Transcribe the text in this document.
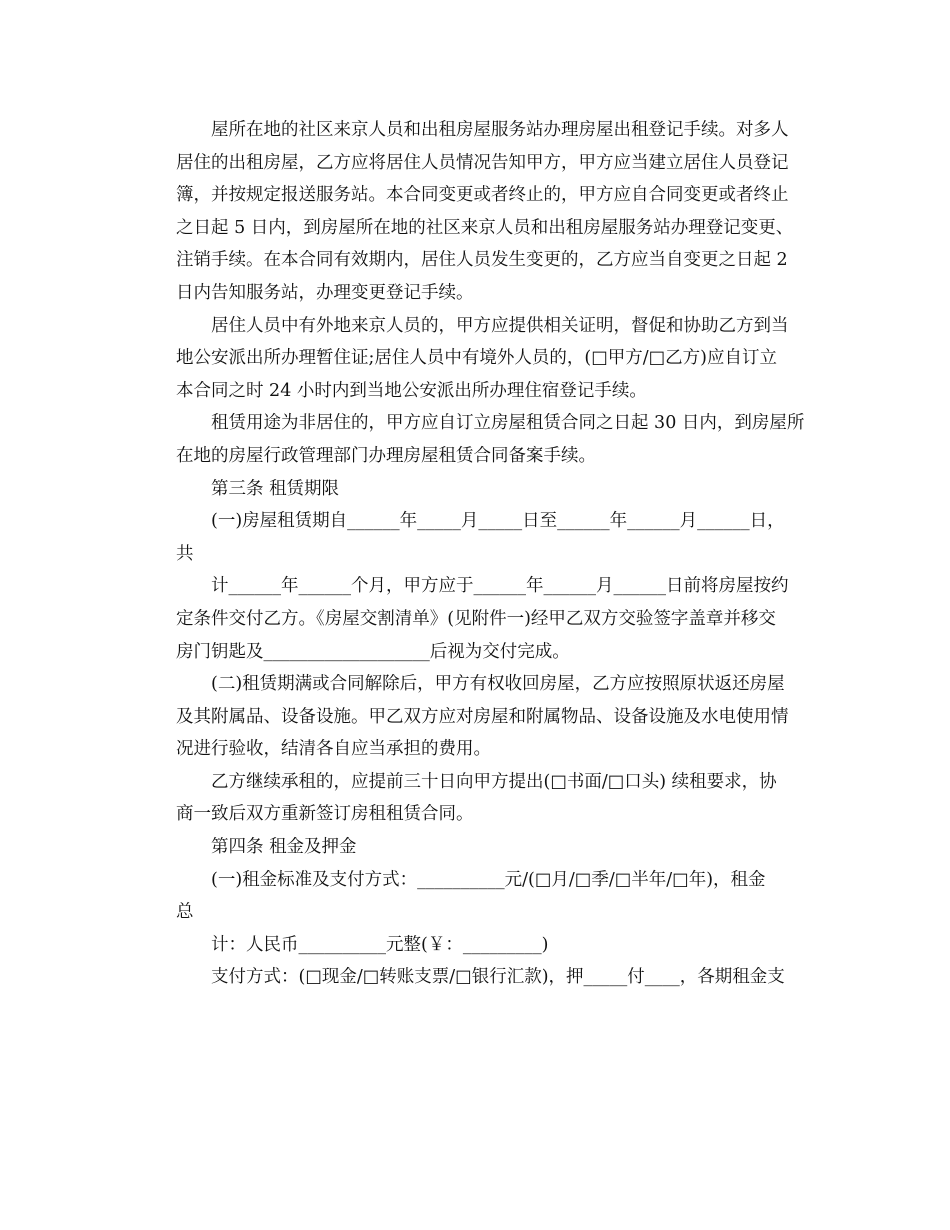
屋所在地的社区来京人员和出租房屋服务站办理房屋出租登记手续。对多人
居住的出租房屋，乙方应将居住人员情况告知甲方，甲方应当建立居住人员登记
簿，并按规定报送服务站。本合同变更或者终止的，甲方应自合同变更或者终止
之日起 5 日内，到房屋所在地的社区来京人员和出租房屋服务站办理登记变更、
注销手续。在本合同有效期内，居住人员发生变更的，乙方应当自变更之日起 2
日内告知服务站，办理变更登记手续。
居住人员中有外地来京人员的，甲方应提供相关证明，督促和协助乙方到当
地公安派出所办理暂住证;居住人员中有境外人员的，(□甲方/□乙方)应自订立
本合同之时 24 小时内到当地公安派出所办理住宿登记手续。
租赁用途为非居住的，甲方应自订立房屋租赁合同之日起 30 日内，到房屋所
在地的房屋行政管理部门办理房屋租赁合同备案手续。
第三条 租赁期限
(一)房屋租赁期自______年_____月_____日至______年______月______日，
共
计______年______个月，甲方应于______年______月______日前将房屋按约
定条件交付乙方。《房屋交割清单》(见附件一)经甲乙双方交验签字盖章并移交
房门钥匙及___________________后视为交付完成。
(二)租赁期满或合同解除后，甲方有权收回房屋，乙方应按照原状返还房屋
及其附属品、设备设施。甲乙双方应对房屋和附属物品、设备设施及水电使用情
况进行验收，结清各自应当承担的费用。
乙方继续承租的，应提前三十日向甲方提出(□书面/□口头) 续租要求，协
商一致后双方重新签订房租租赁合同。
第四条 租金及押金
(一)租金标准及支付方式：__________元/(□月/□季/□半年/□年)，租金
总
计：人民币__________元整(￥：_________)
支付方式：(□现金/□转账支票/□银行汇款)，押_____付____，各期租金支
